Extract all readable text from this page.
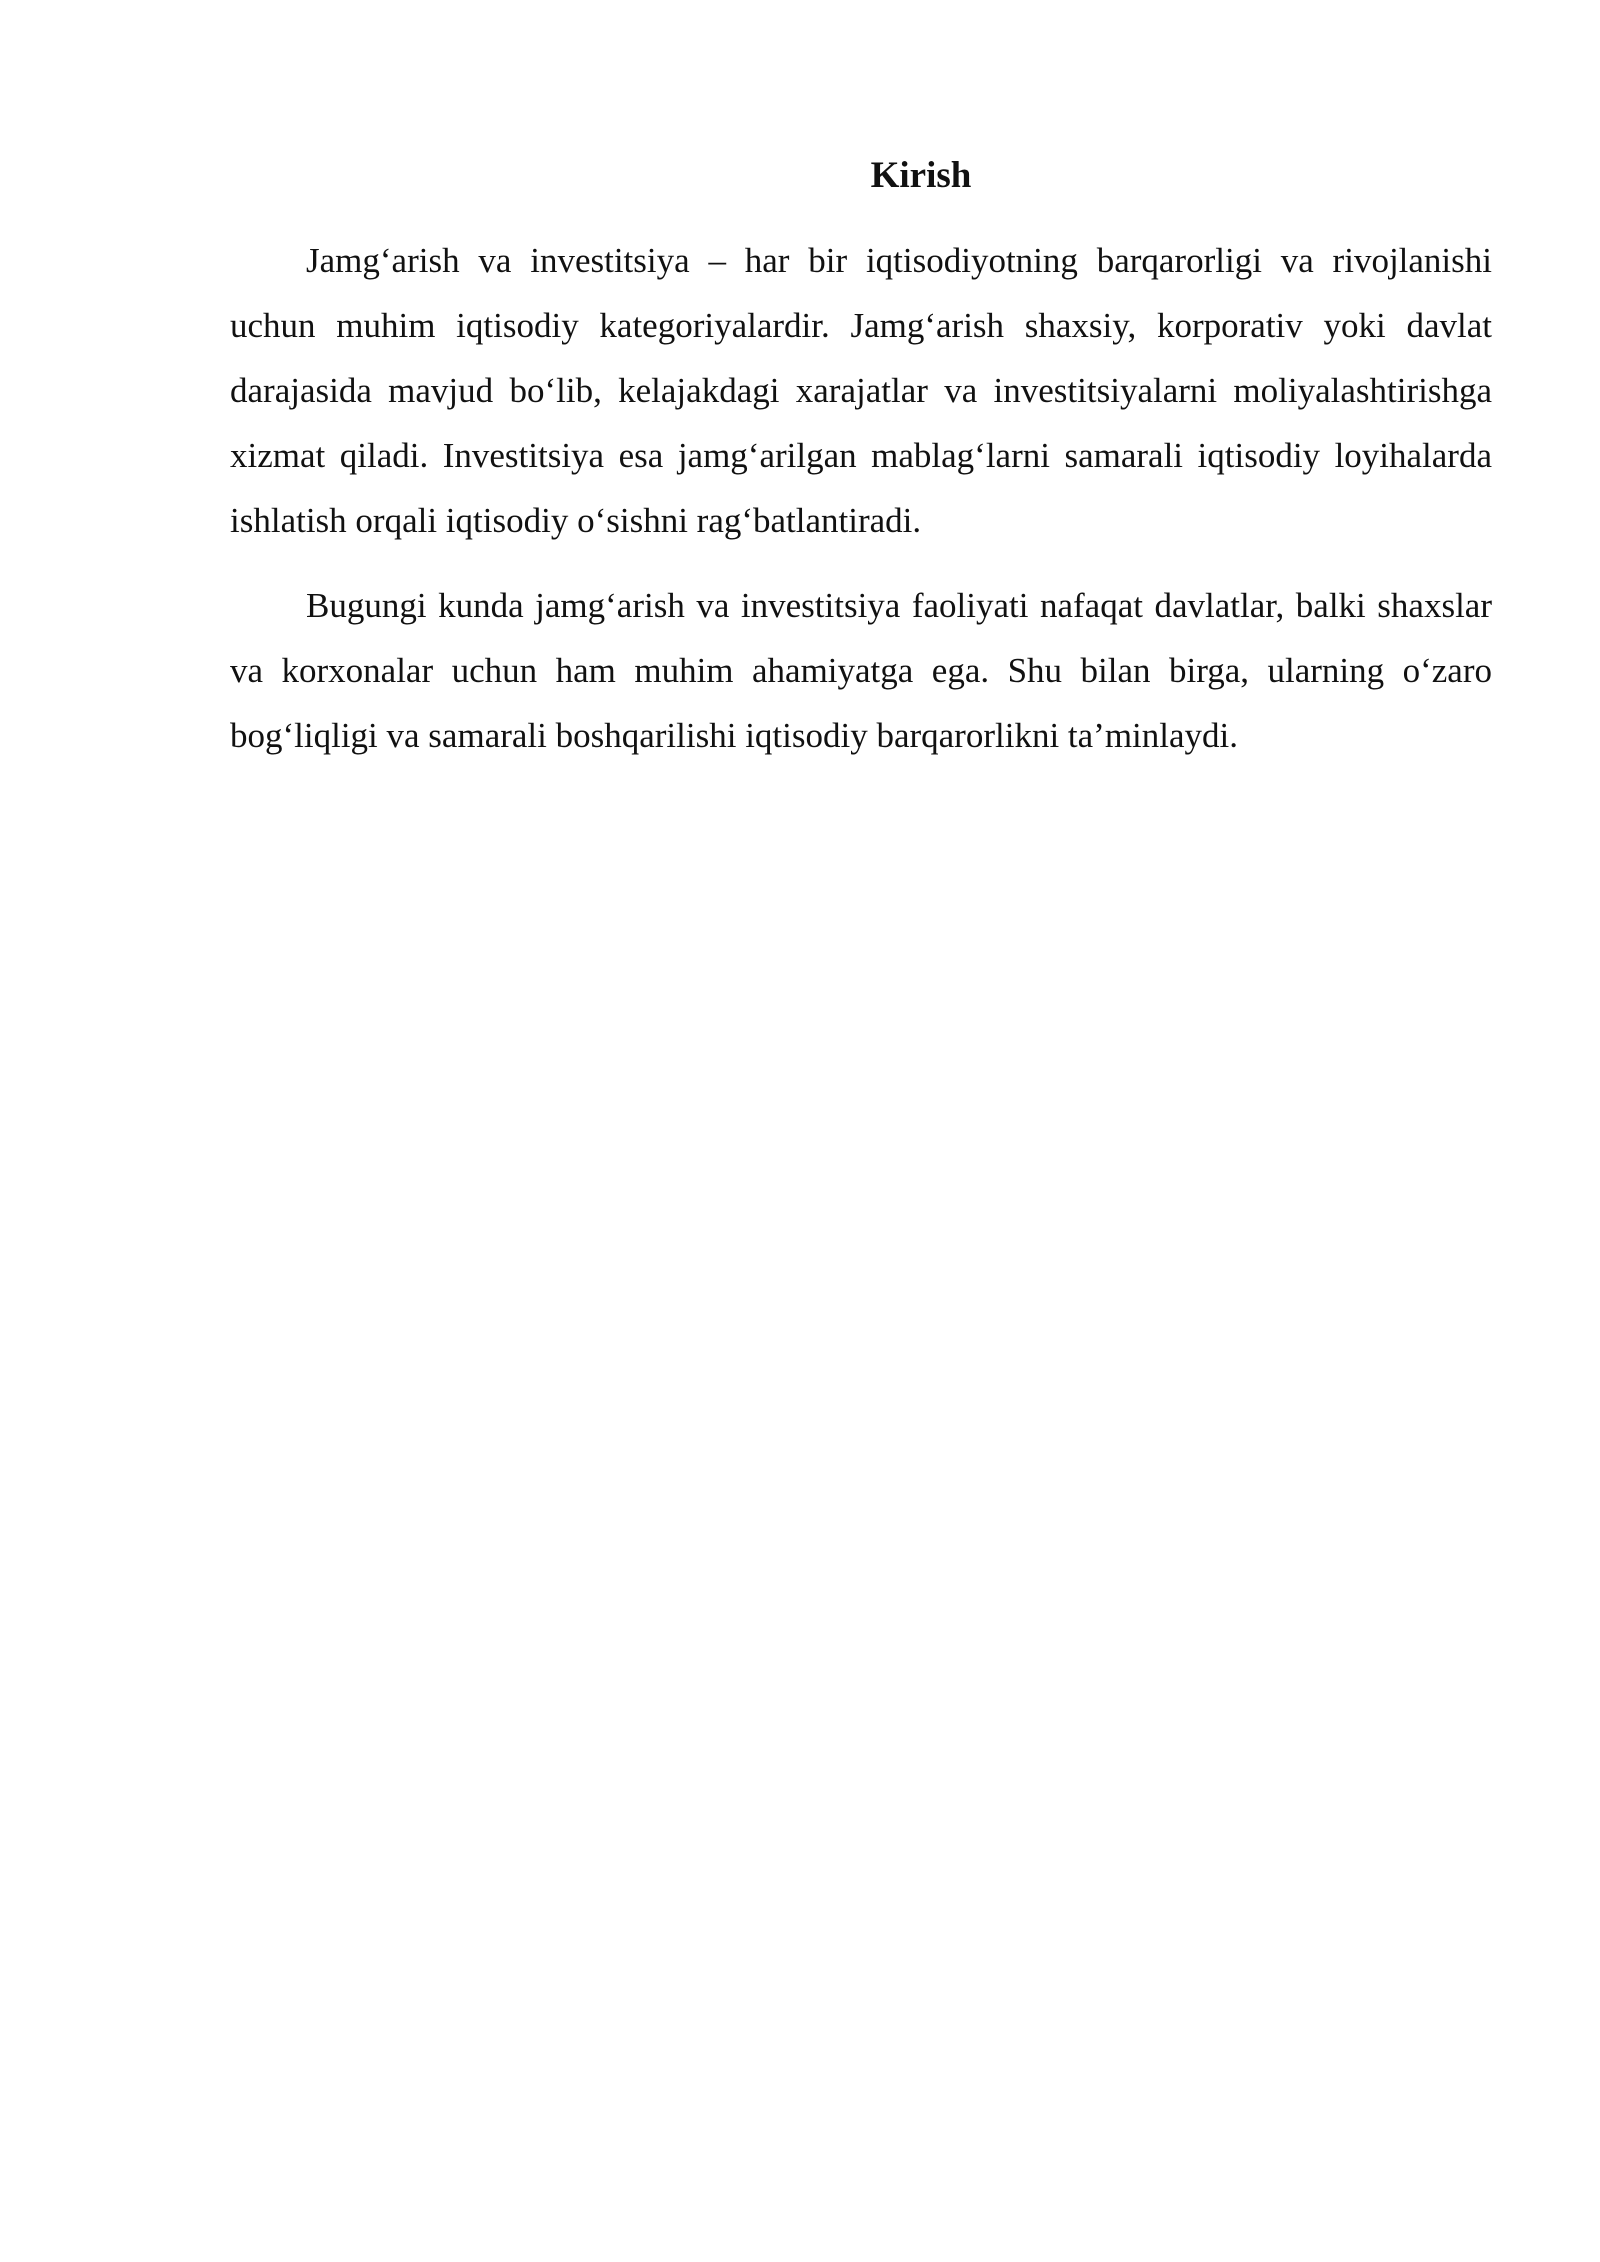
Kirish

Jamg‘arish va investitsiya – har bir iqtisodiyotning barqarorligi va rivojlanishi uchun muhim iqtisodiy kategoriyalardir. Jamg‘arish shaxsiy, korporativ yoki davlat darajasida mavjud bo‘lib, kelajakdagi xarajatlar va investitsiyalarni moliyalashtirishga xizmat qiladi. Investitsiya esa jamg‘arilgan mablag‘larni samarali iqtisodiy loyihalarda ishlatish orqali iqtisodiy o‘sishni rag‘batlantiradi.

Bugungi kunda jamg‘arish va investitsiya faoliyati nafaqat davlatlar, balki shaxslar va korxonalar uchun ham muhim ahamiyatga ega. Shu bilan birga, ularning o‘zaro bog‘liqligi va samarali boshqarilishi iqtisodiy barqarorlikni ta’minlaydi.
